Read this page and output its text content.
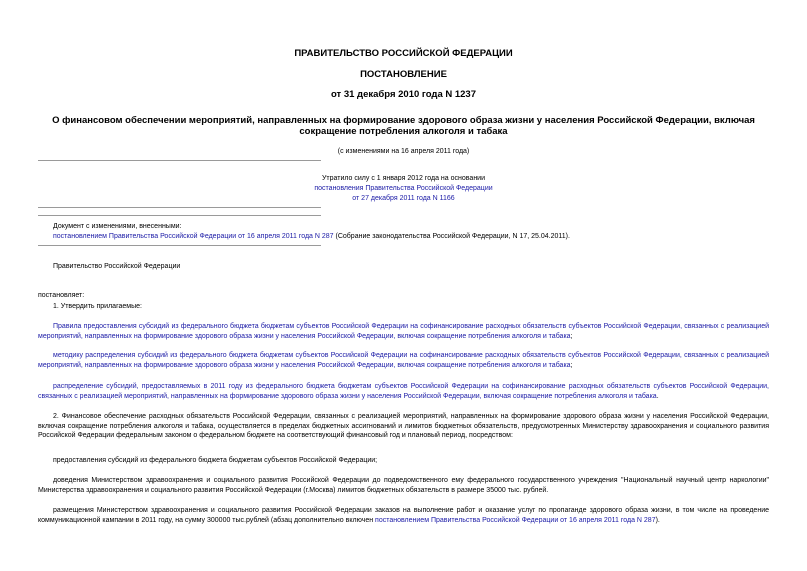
ПРАВИТЕЛЬСТВО РОССИЙСКОЙ ФЕДЕРАЦИИ
ПОСТАНОВЛЕНИЕ
от 31 декабря 2010 года N 1237
О финансовом обеспечении мероприятий, направленных на формирование здорового образа жизни у населения Российской Федерации, включая сокращение потребления алкоголя и табака
(с изменениями на 16 апреля 2011 года)
Утратило силу с 1 января 2012 года на основании
постановления Правительства Российской Федерации
от 27 декабря 2011 года N 1166
Документ с изменениями, внесенными:
постановлением Правительства Российской Федерации от 16 апреля 2011 года N 287 (Собрание законодательства Российской Федерации, N 17, 25.04.2011).
Правительство Российской Федерации
постановляет:
1. Утвердить прилагаемые:
Правила предоставления субсидий из федерального бюджета бюджетам субъектов Российской Федерации на софинансирование расходных обязательств субъектов Российской Федерации, связанных с реализацией мероприятий, направленных на формирование здорового образа жизни у населения Российской Федерации, включая сокращение потребления алкоголя и табака;
методику распределения субсидий из федерального бюджета бюджетам субъектов Российской Федерации на софинансирование расходных обязательств субъектов Российской Федерации, связанных с реализацией мероприятий, направленных на формирование здорового образа жизни у населения Российской Федерации, включая сокращение потребления алкоголя и табака;
распределение субсидий, предоставляемых в 2011 году из федерального бюджета бюджетам субъектов Российской Федерации на софинансирование расходных обязательств субъектов Российской Федерации, связанных с реализацией мероприятий, направленных на формирование здорового образа жизни у населения Российской Федерации, включая сокращение потребления алкоголя и табака.
2. Финансовое обеспечение расходных обязательств Российской Федерации, связанных с реализацией мероприятий, направленных на формирование здорового образа жизни у населения Российской Федерации, включая сокращение потребления алкоголя и табака, осуществляется в пределах бюджетных ассигнований и лимитов бюджетных обязательств, предусмотренных Министерству здравоохранения и социального развития Российской Федерации федеральным законом о федеральном бюджете на соответствующий финансовый год и плановый период, посредством:
предоставления субсидий из федерального бюджета бюджетам субъектов Российской Федерации;
доведения Министерством здравоохранения и социального развития Российской Федерации до подведомственного ему федерального государственного учреждения "Национальный научный центр наркологии" Министерства здравоохранения и социального развития Российской Федерации (г.Москва) лимитов бюджетных обязательств в размере 35000 тыс. рублей.
размещения Министерством здравоохранения и социального развития Российской Федерации заказов на выполнение работ и оказание услуг по пропаганде здорового образа жизни, в том числе на проведение коммуникационной кампании в 2011 году, на сумму 300000 тыс.рублей (абзац дополнительно включен постановлением Правительства Российской Федерации от 16 апреля 2011 года N 287).
